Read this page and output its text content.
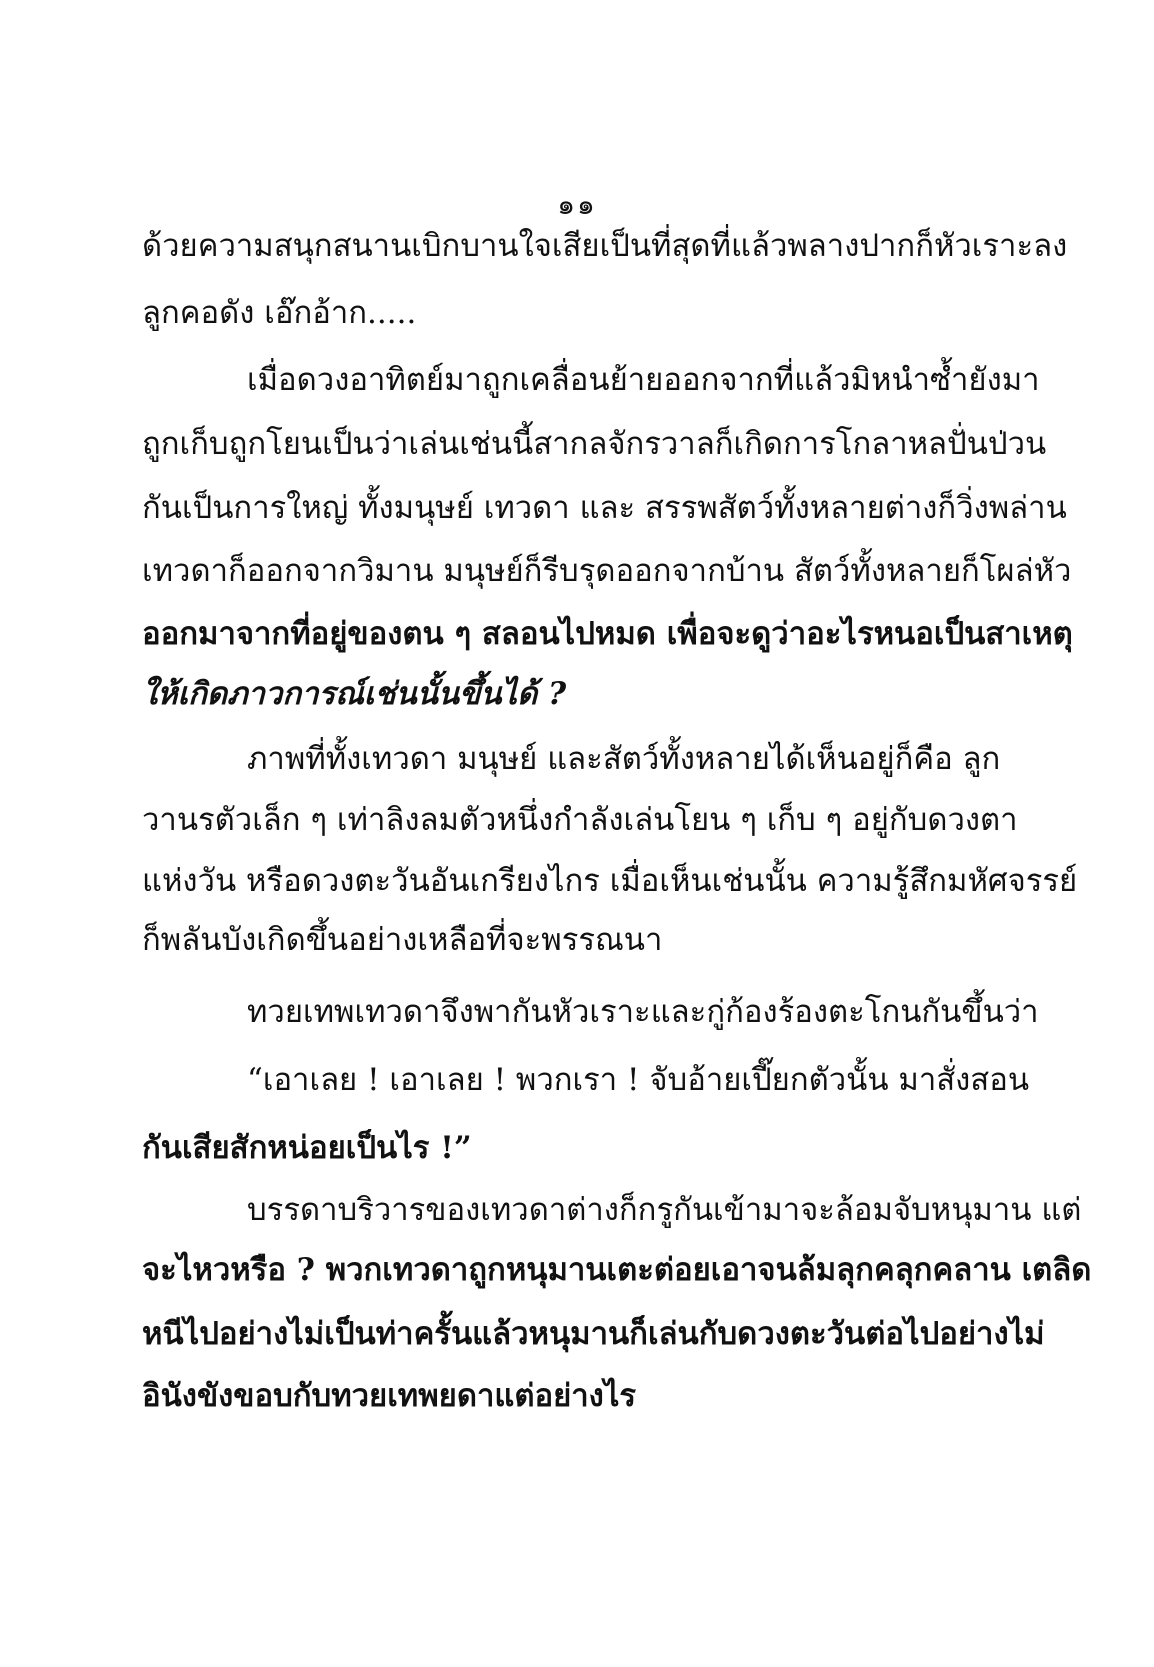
๑๑
ด้วยความสนุกสนานเบิกบานใจเสียเป็นที่สุดที่แล้ว พลางปากก็หัวเราะลง
ลูกคอดัง เอ๊กอ้าก.....
เมื่อดวงอาทิตย์มาถูกเคลื่อนย้ายออกจากที่ แล้วมิหนำซ้ำยังมา
ถูกเก็บถูกโยนเป็นว่าเล่นเช่นนี้ สากลจักรวาลก็เกิดการโกลาหลปั่นป่วน
กันเป็นการใหญ่ ทั้งมนุษย์ เทวดา และ สรรพสัตว์ทั้งหลายต่างก็วิ่งพล่าน
เทวดาก็ออกจากวิมาน มนุษย์ก็รีบรุดออกจากบ้าน สัตว์ทั้งหลายก็โผล่หัว
ออกมาจากที่อยู่ของตน ๆ สลอนไปหมด เพื่อจะดูว่าอะไรหนอเป็นสาเหตุ
ให้เกิดภาวการณ์เช่นนั้นขึ้นได้ ?
ภาพที่ทั้งเทวดา มนุษย์ และสัตว์ทั้งหลายได้เห็นอยู่ก็คือ ลูก
วานรตัวเล็ก ๆ เท่าลิงลมตัวหนึ่ง กำลังเล่นโยน ๆ เก็บ ๆ อยู่กับดวงตา
แห่งวัน หรือดวงตะวันอันเกรียงไกร เมื่อเห็นเช่นนั้น ความรู้สึกมหัศจรรย์
ก็พลันบังเกิดขึ้นอย่างเหลือที่จะพรรณนา
ทวยเทพเทวดาจึงพากันหัวเราะและกู่ก้องร้องตะโกนกันขึ้นว่า
“เอาเลย ! เอาเลย ! พวกเรา ! จับอ้ายเปี๊ยกตัวนั้น มาสั่งสอน
กันเสียสักหน่อยเป็นไร !”
บรรดาบริวารของเทวดาต่างก็กรูกันเข้ามาจะล้อมจับหนุมาน แต่
จะไหวหรือ ? พวกเทวดาถูกหนุมานเตะต่อยเอาจนล้มลุกคลุกคลาน เตลิด
หนีไปอย่างไม่เป็นท่า ครั้นแล้วหนุมานก็เล่นกับดวงตะวันต่อไปอย่างไม่
อินังขังขอบกับทวยเทพยดาแต่อย่างไร
